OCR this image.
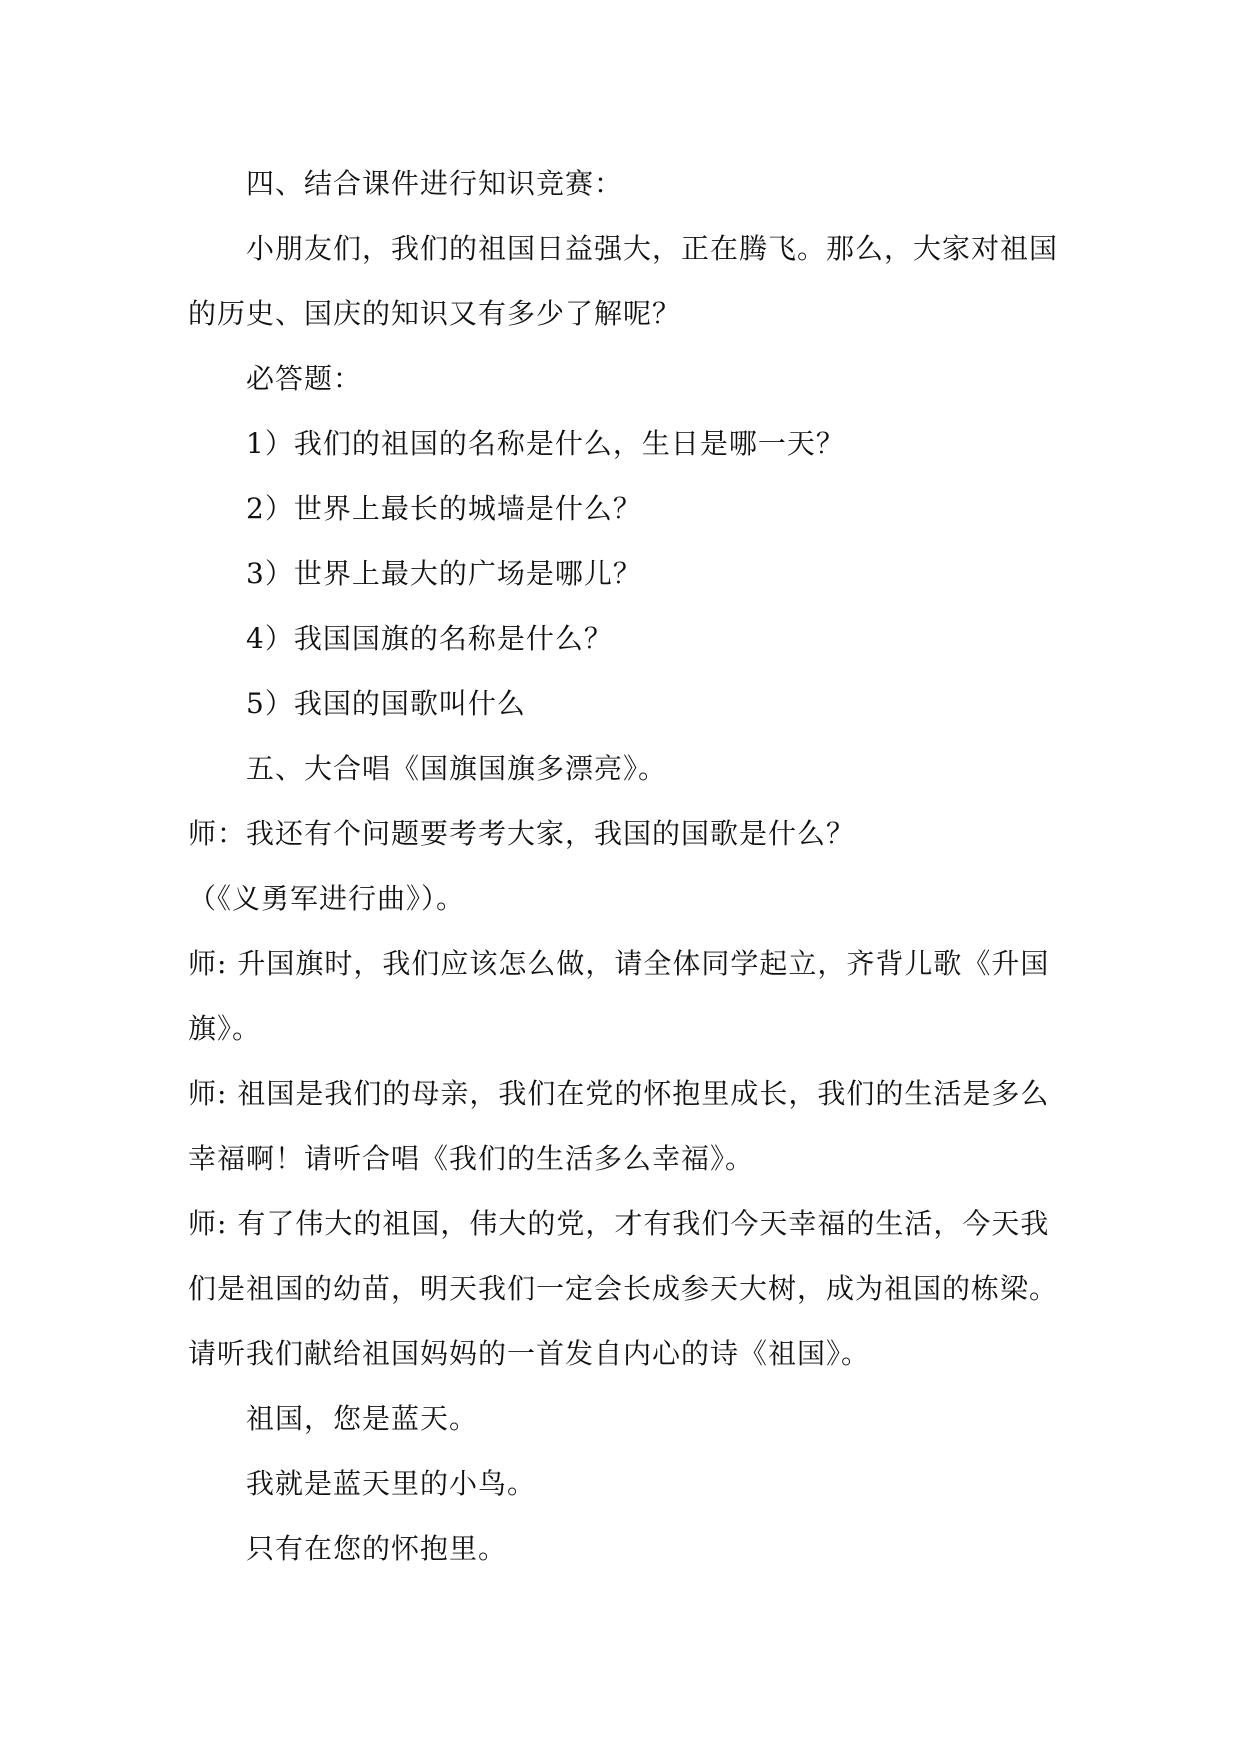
四、结合课件进行知识竞赛：
小朋友们，我们的祖国日益强大，正在腾飞。那么，大家对祖国
的历史、国庆的知识又有多少了解呢？
必答题：
1）我们的祖国的名称是什么，生日是哪一天？
2）世界上最长的城墙是什么？
3）世界上最大的广场是哪儿？
4）我国国旗的名称是什么？
5）我国的国歌叫什么
五、大合唱《国旗国旗多漂亮》。
师：我还有个问题要考考大家，我国的国歌是什么？
（《义勇军进行曲》）。
师: 升国旗时，我们应该怎么做，请全体同学起立，齐背儿歌《升国
旗》。
师: 祖国是我们的母亲，我们在党的怀抱里成长，我们的生活是多么
幸福啊！请听合唱《我们的生活多么幸福》。
师: 有了伟大的祖国，伟大的党，才有我们今天幸福的生活，今天我
们是祖国的幼苗，明天我们一定会长成参天大树，成为祖国的栋梁。
请听我们献给祖国妈妈的一首发自内心的诗《祖国》。
祖国，您是蓝天。
我就是蓝天里的小鸟。
只有在您的怀抱里。
